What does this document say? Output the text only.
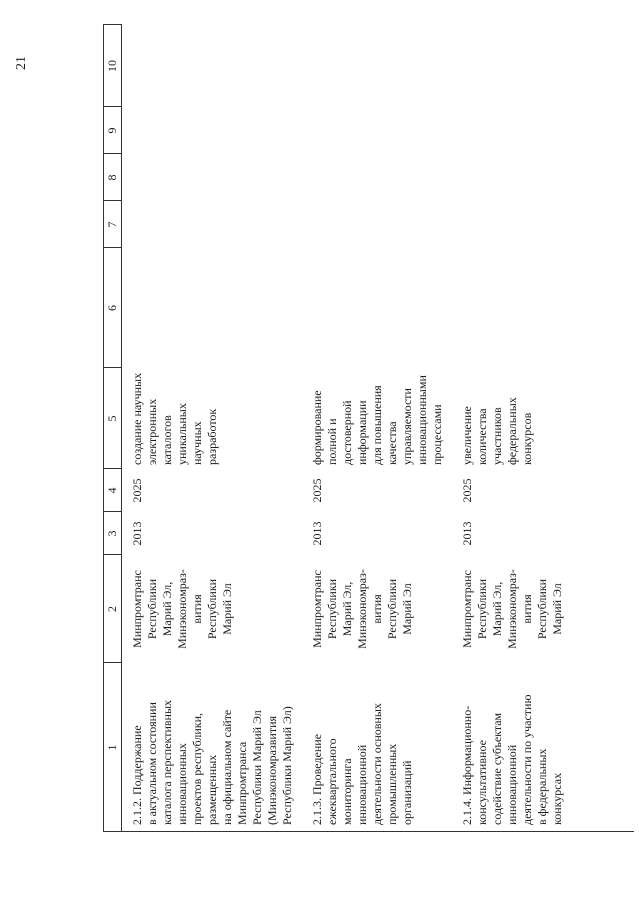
21
1
2
3
4
5
6
7
8
9
10
2.1.2. Поддержание
в актуальном состоянии
каталога перспективных
инновационных
проектов республики,
размещенных
на официальном сайте
Минпромтранса
Республики Марий Эл
(Минэкономразвития
Республики Марий Эл)
Минпромтранс
Республики
Марий Эл,
Минэкономраз-
вития
Республики
Марий Эл
2013
2025
создание научных
электронных
каталогов
уникальных
научных
разработок
2.1.3. Проведение
ежеквартального
мониторинга
инновационной
деятельности основных
промышленных
организаций
Минпромтранс
Республики
Марий Эл,
Минэкономраз-
вития
Республики
Марий Эл
2013
2025
формирование
полной и
достоверной
информации
для повышения
качества
управляемости
инновационными
процессами
2.1.4. Информационно-
консультативное
содействие субъектам
инновационной
деятельности по участию
в федеральных
конкурсах
Минпромтранс
Республики
Марий Эл,
Минэкономраз-
вития
Республики
Марий Эл
2013
2025
увеличение
количества
участников
федеральных
конкурсов
